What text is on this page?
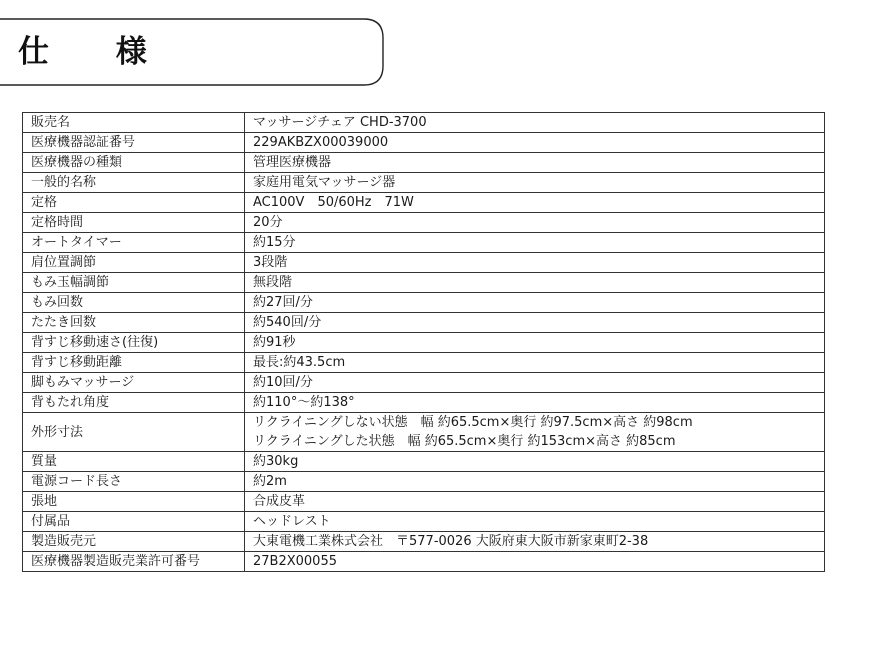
仕 様
販売名	マッサージチェア CHD-3700
医療機器認証番号	229AKBZX00039000
医療機器の種類	管理医療機器
一般的名称	家庭用電気マッサージ器
定格	AC100V　50/60Hz　71W
定格時間	20分
オートタイマー	約15分
肩位置調節	3段階
もみ玉幅調節	無段階
もみ回数	約27回/分
たたき回数	約540回/分
背すじ移動速さ(往復)	約91秒
背すじ移動距離	最長:約43.5cm
脚もみマッサージ	約10回/分
背もたれ角度	約110°〜約138°
外形寸法	リクライニングしない状態　幅 約65.5cm×奥行 約97.5cm×高さ 約98cm
リクライニングした状態　幅 約65.5cm×奥行 約153cm×高さ 約85cm

質量	約30kg
電源コード長さ	約2m
張地	合成皮革
付属品	ヘッドレスト
製造販売元	大東電機工業株式会社　〒577-0026 大阪府東大阪市新家東町2-38
医療機器製造販売業許可番号	27B2X00055
